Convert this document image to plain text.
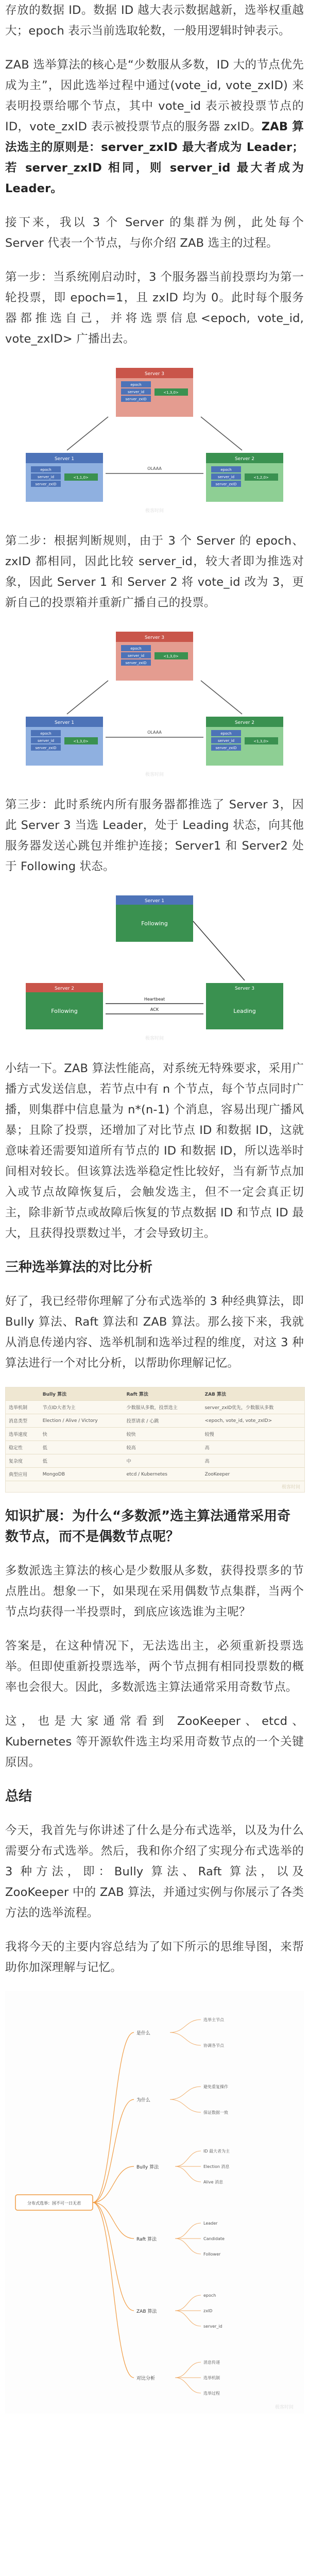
存放的数据 ID。数据 ID 越大表示数据越新，选举权重越大；epoch 表示当前选取轮数，一般用逻辑时钟表示。

ZAB 选举算法的核心是“少数服从多数，ID 大的节点优先成为主”，因此选举过程中通过(vote_id, vote_zxID) 来表明投票给哪个节点，其中 vote_id 表示被投票节点的 ID，vote_zxID 表示被投票节点的服务器 zxID。ZAB 算法选主的原则是：server_zxID 最大者成为 Leader；若 server_zxID 相同，则 server_id 最大者成为 Leader。

接下来，我以 3 个 Server 的集群为例，此处每个 Server 代表一个节点，与你介绍 ZAB 选主的过程。

第一步：当系统刚启动时，3 个服务器当前投票均为第一轮投票，即 epoch=1，且 zxID 均为 0。此时每个服务器都推选自己，并将选票信息<epoch, vote_id, vote_zxID> 广播出去。

Server 3
epoch
server_id
server_zxID
<1,3,0>
Server 1
epoch
server_id
server_zxID
<1,1,0>
Server 2
epoch
server_id
server_zxID
<1,2,0>
OLAAA
极客时间

第二步：根据判断规则，由于 3 个 Server 的 epoch、zxID 都相同，因此比较 server_id，较大者即为推选对象，因此 Server 1 和 Server 2 将 vote_id 改为 3，更新自己的投票箱并重新广播自己的投票。

Server 3
epoch
server_id
server_zxID
<1,3,0>
Server 1
epoch
server_id
server_zxID
<1,3,0>
Server 2
epoch
server_id
server_zxID
<1,3,0>
OLAAA
极客时间

第三步：此时系统内所有服务器都推选了 Server 3，因此 Server 3 当选 Leader，处于 Leading 状态，向其他服务器发送心跳包并维护连接；Server1 和 Server2 处于 Following 状态。

Server 1
Following
Server 2
Following
Server 3
Leading
Heartbeat
ACK
极客时间

小结一下。ZAB 算法性能高，对系统无特殊要求，采用广播方式发送信息，若节点中有 n 个节点，每个节点同时广播，则集群中信息量为 n*(n-1) 个消息，容易出现广播风暴；且除了投票，还增加了对比节点 ID 和数据 ID，这就意味着还需要知道所有节点的 ID 和数据 ID，所以选举时间相对较长。但该算法选举稳定性比较好，当有新节点加入或节点故障恢复后，会触发选主，但不一定会真正切主，除非新节点或故障后恢复的节点数据 ID 和节点 ID 最大，且获得投票数过半，才会导致切主。

三种选举算法的对比分析

好了，我已经带你理解了分布式选举的 3 种经典算法，即 Bully 算法、Raft 算法和 ZAB 算法。那么接下来，我就从消息传递内容、选举机制和选举过程的维度，对这 3 种算法进行一个对比分析，以帮助你理解记忆。

	Bully 算法	Raft 算法	ZAB 算法
选举机制	节点ID大者为主	少数服从多数，投票选主	server_zxID优先，少数服从多数
消息类型	Election / Alive / Victory	投票请求 / 心跳	<epoch, vote_id, vote_zxID>
选举速度	快	较快	较慢
稳定性	低	较高	高
复杂度	低	中	高
典型应用	MongoDB	etcd / Kubernetes	ZooKeeper
极客时间
知识扩展：为什么“多数派”选主算法通常采用奇数节点，而不是偶数节点呢？

多数派选主算法的核心是少数服从多数，获得投票多的节点胜出。想象一下，如果现在采用偶数节点集群，当两个节点均获得一半投票时，到底应该选谁为主呢？

答案是，在这种情况下，无法选出主，必须重新投票选举。但即使重新投票选举，两个节点拥有相同投票数的概率也会很大。因此，多数派选主算法通常采用奇数节点。

这，也是大家通常看到 ZooKeeper、etcd、Kubernetes 等开源软件选主均采用奇数节点的一个关键原因。

总结

今天，我首先与你讲述了什么是分布式选举，以及为什么需要分布式选举。然后，我和你介绍了实现分布式选举的 3 种方法，即：Bully 算法、Raft 算法，以及 ZooKeeper 中的 ZAB 算法，并通过实例与你展示了各类方法的选举流程。

我将今天的主要内容总结为了如下所示的思维导图，来帮助你加深理解与记忆。

分布式选举：国不可一日无君
是什么
选举主节点
协调各节点
为什么
避免重复操作
保证数据一致
Bully 算法
ID 最大者为主
Election 消息
Alive 消息
Raft 算法
Leader
Candidate
Follower
ZAB 算法
epoch
zxID
server_id
对比分析
消息传递
选举机制
选举过程
极客时间
